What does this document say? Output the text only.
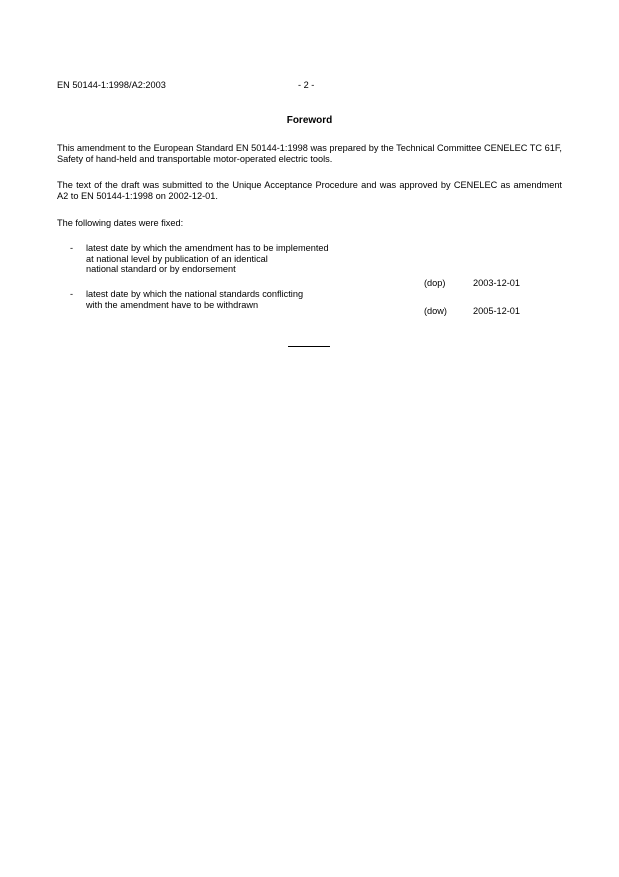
EN 50144-1:1998/A2:2003	- 2 -
Foreword
This amendment to the European Standard EN 50144-1:1998 was prepared by the Technical Committee CENELEC TC 61F, Safety of hand-held and transportable motor-operated electric tools.
The text of the draft was submitted to the Unique Acceptance Procedure and was approved by CENELEC as amendment A2 to EN 50144-1:1998 on 2002-12-01.
The following dates were fixed:
- latest date by which the amendment has to be implemented
at national level by publication of an identical
national standard or by endorsement
(dop)	2003-12-01
- latest date by which the national standards conflicting
with the amendment have to be withdrawn
(dow)	2005-12-01
